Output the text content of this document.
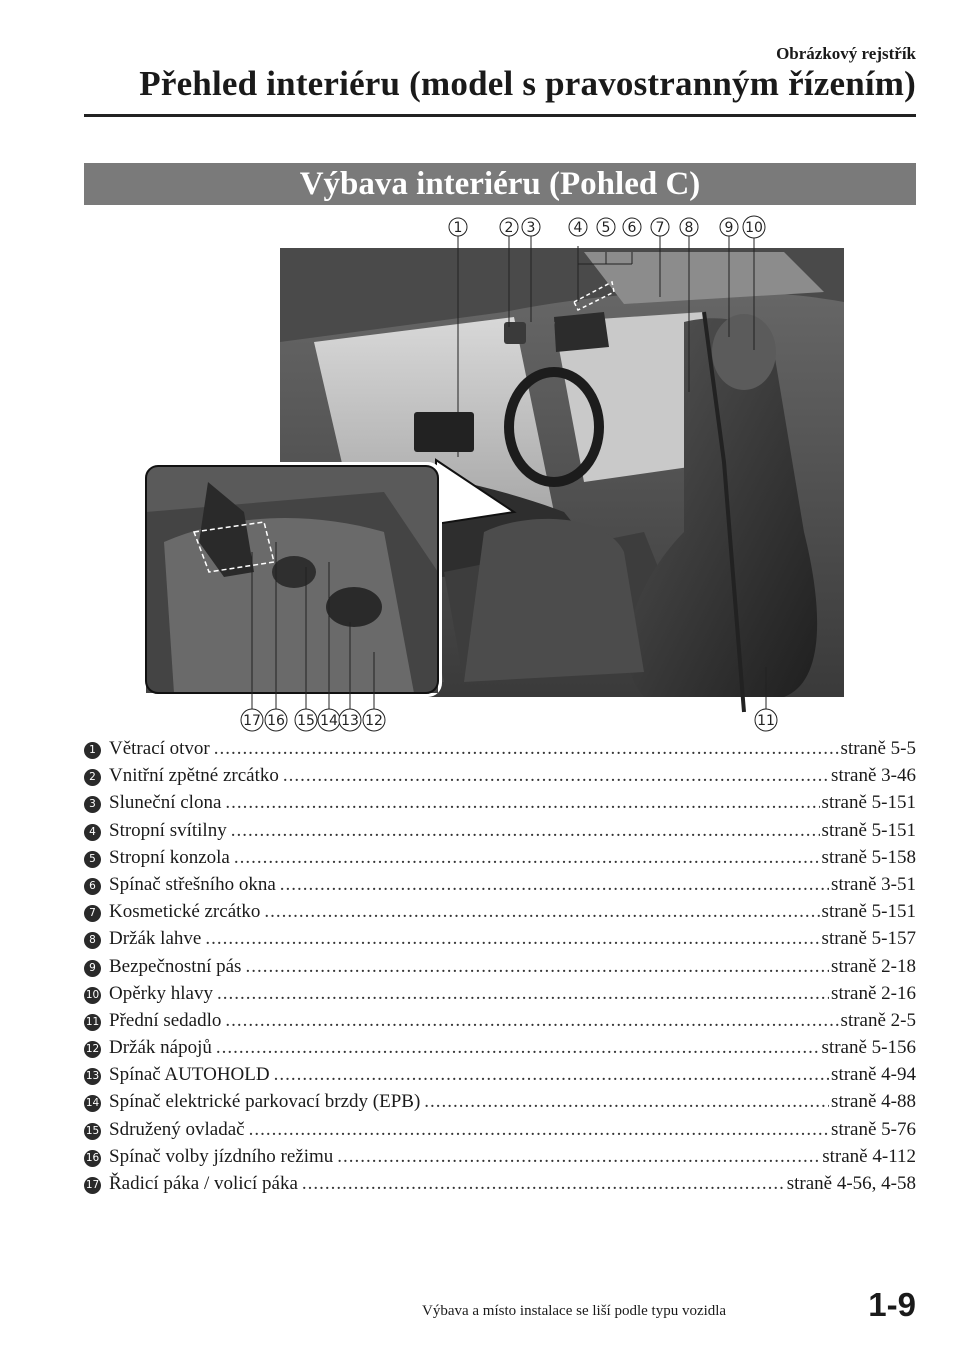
Obrázkový rejstřík
Přehled interiéru (model s pravostranným řízením)
Výbava interiéru (Pohled C)
1	2 3	4 5 6 7 8 9 10
17 16 15 14 13 12	11
1 Větrací otvor .....	straně 5-5
2 Vnitřní zpětné zrcátko .....	straně 3-46
3 Sluneční clona .....	straně 5-151
4 Stropní svítilny .....	straně 5-151
5 Stropní konzola .....	straně 5-158
6 Spínač střešního okna .....	straně 3-51
7 Kosmetické zrcátko .....	straně 5-151
8 Držák lahve .....	straně 5-157
9 Bezpečnostní pás .....	straně 2-18
10 Opěrky hlavy .....	straně 2-16
11 Přední sedadlo .....	straně 2-5
12 Držák nápojů .....	straně 5-156
13 Spínač AUTOHOLD .....	straně 4-94
14 Spínač elektrické parkovací brzdy (EPB) .....	straně 4-88
15 Sdružený ovladač .....	straně 5-76
16 Spínač volby jízdního režimu .....	straně 4-112
17 Řadicí páka / volicí páka .....	straně 4-56, 4-58
Výbava a místo instalace se liší podle typu vozidla	1-9
